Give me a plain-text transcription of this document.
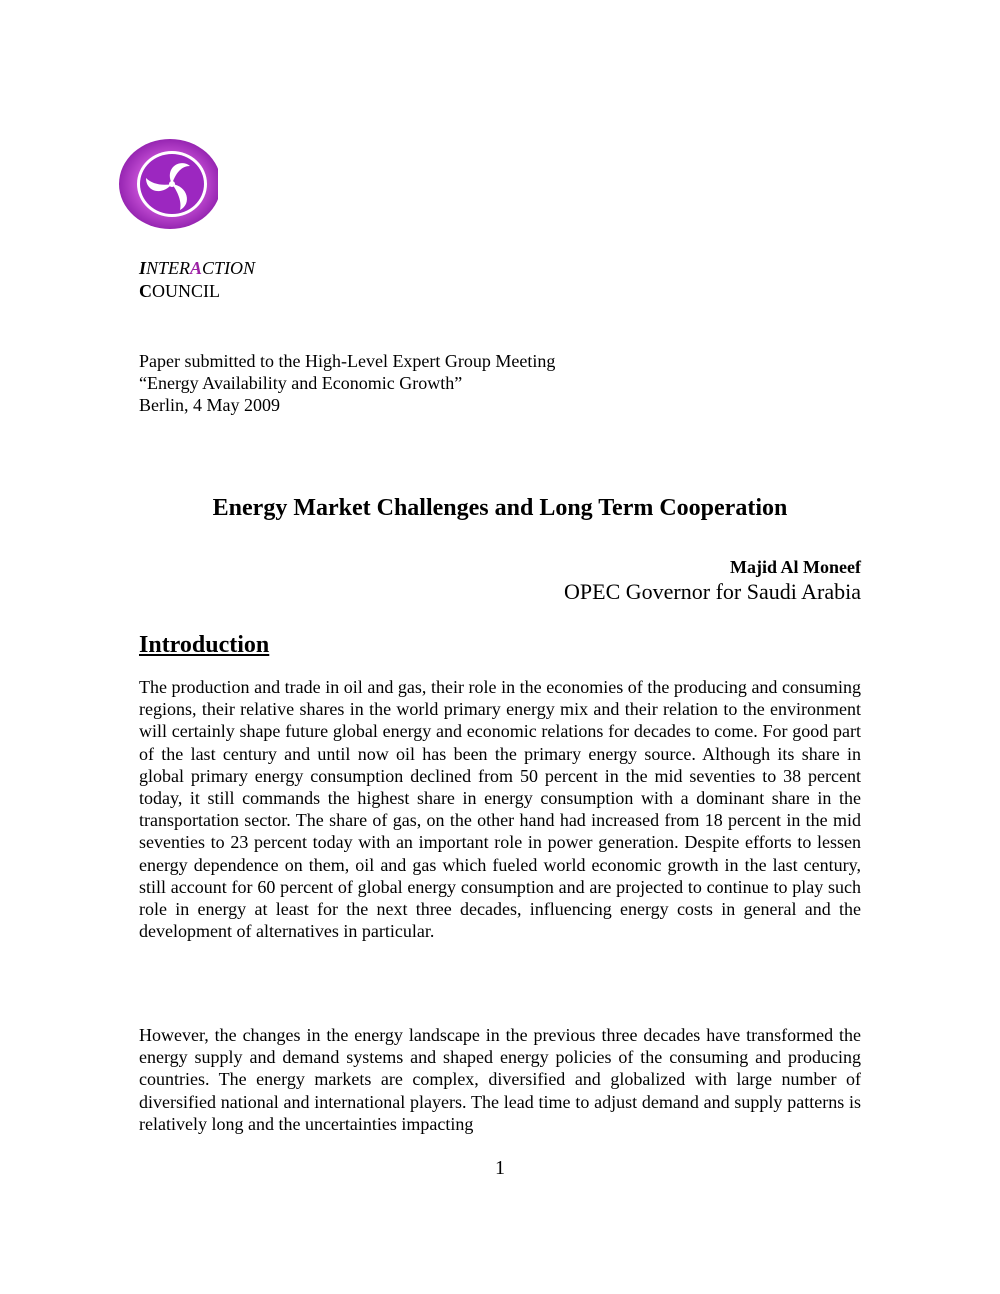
INTERACTION
COUNCIL
Paper submitted to the High-Level Expert Group Meeting
“Energy Availability and Economic Growth”
Berlin, 4 May 2009
Energy Market Challenges and Long Term Cooperation
Majid Al Moneef
OPEC Governor for Saudi Arabia
Introduction

The production and trade in oil and gas, their role in the economies of the producing and consuming regions, their relative shares in the world primary energy mix and their relation to the environment will certainly shape future global energy and economic relations for decades to come. For good part of the last century and until now oil has been the primary energy source. Although its share in global primary energy consumption declined from 50 percent in the mid seventies to 38 percent today, it still commands the highest share in energy consumption with a dominant share in the transportation sector. The share of gas, on the other hand had increased from 18 percent in the mid seventies to 23 percent today with an important role in power generation. Despite efforts to lessen energy dependence on them, oil and gas which fueled world economic growth in the last century, still account for 60 percent of global energy consumption and are projected to continue to play such role in energy at least for the next three decades, influencing energy costs in general and the development of alternatives in particular.

However, the changes in the energy landscape in the previous three decades have transformed the energy supply and demand systems and shaped energy policies of the consuming and producing countries. The energy markets are complex, diversified and globalized with large number of diversified national and international players. The lead time to adjust demand and supply patterns is relatively long and the uncertainties impacting

1
